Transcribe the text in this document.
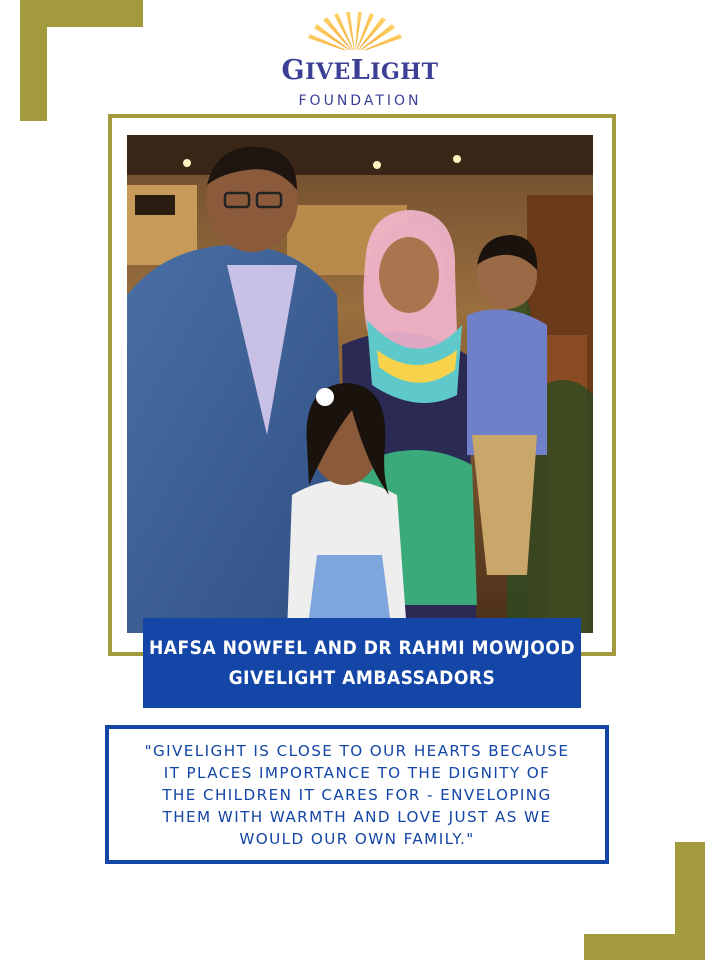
GIVELIGHT
FOUNDATION
HAFSA NOWFEL AND DR RAHMI MOWJOOD
GIVELIGHT AMBASSADORS
"GIVELIGHT IS CLOSE TO OUR HEARTS BECAUSE
IT PLACES IMPORTANCE TO THE DIGNITY OF
THE CHILDREN IT CARES FOR - ENVELOPING
THEM WITH WARMTH AND LOVE JUST AS WE
WOULD OUR OWN FAMILY."
